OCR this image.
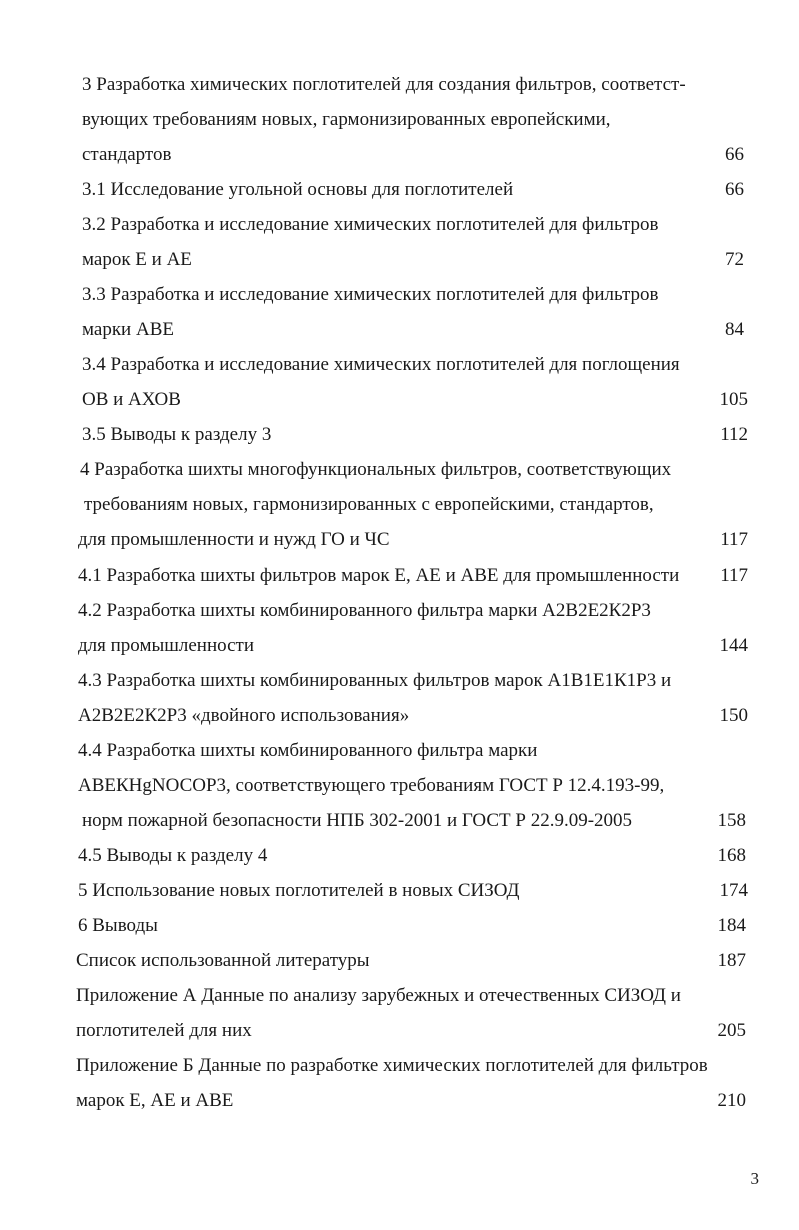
3 Разработка химических поглотителей для создания фильтров, соответст-
вующих требованиям новых, гармонизированных европейскими,
стандартов
3.1 Исследование угольной основы для поглотителей
3.2 Разработка и исследование химических поглотителей для фильтров
марок Е и АЕ
3.3 Разработка и исследование химических поглотителей для фильтров
марки АВЕ
3.4 Разработка и исследование химических поглотителей для поглощения
ОВ и АХОВ
3.5 Выводы к разделу 3
4 Разработка шихты многофункциональных фильтров, соответствующих
требованиям новых, гармонизированных с европейскими, стандартов,
для промышленности и нужд ГО и ЧС
4.1 Разработка шихты фильтров марок Е, АЕ и АВЕ для промышленности
4.2 Разработка шихты комбинированного фильтра марки А2В2Е2К2Р3
для промышленности
4.3 Разработка шихты комбинированных фильтров марок А1В1Е1К1Р3 и
А2В2Е2К2Р3 «двойного использования»
4.4 Разработка шихты комбинированного фильтра марки
АВЕКНgNОСОР3, соответствующего требованиям ГОСТ Р 12.4.193-99,
норм пожарной безопасности НПБ 302-2001 и ГОСТ Р 22.9.09-2005
4.5 Выводы к разделу 4
5 Использование новых поглотителей в новых СИЗОД
6 Выводы
Список использованной литературы
Приложение А Данные по анализу зарубежных и отечественных СИЗОД и
поглотителей для них
Приложение Б Данные по разработке химических поглотителей для фильтров
марок Е, АЕ и АВЕ
66
66
72
84
105
112
117
117
144
150
158
168
174
184
187
205
210
3
